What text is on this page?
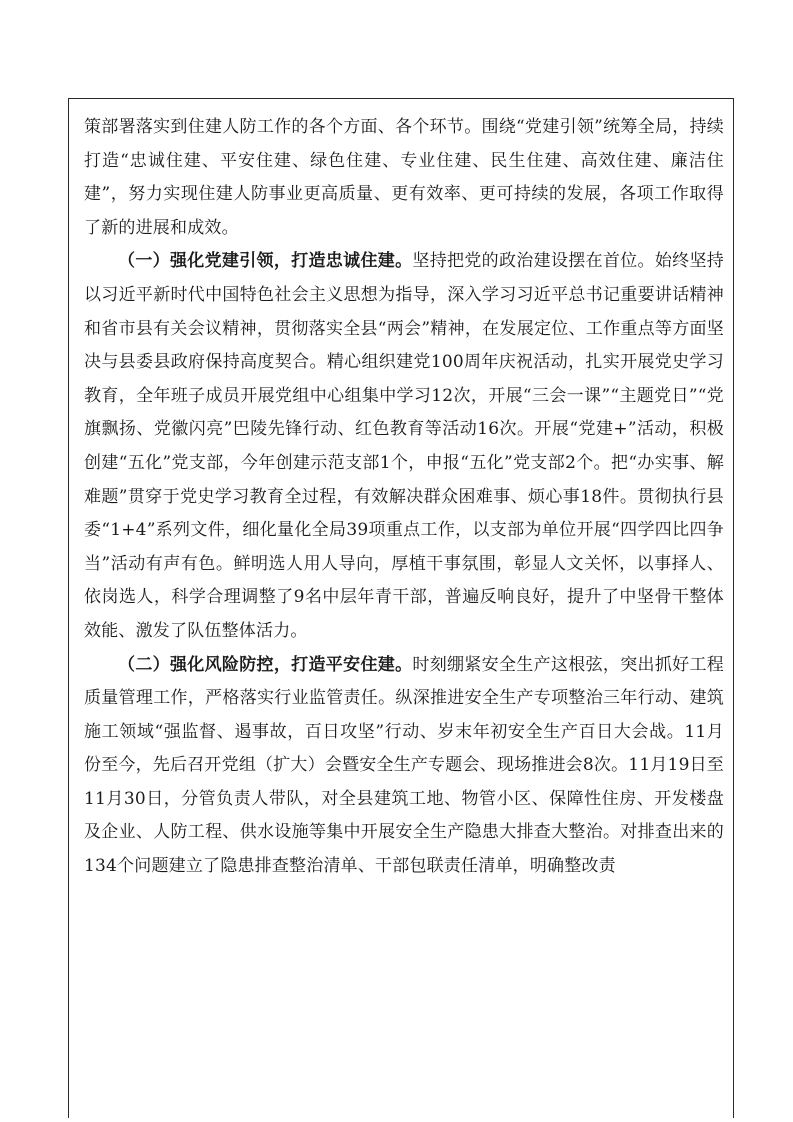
策部署落实到住建人防工作的各个方面、各个环节。围绕“党建引领”统筹全局，持续打造“忠诚住建、平安住建、绿色住建、专业住建、民生住建、高效住建、廉洁住建”，努力实现住建人防事业更高质量、更有效率、更可持续的发展，各项工作取得了新的进展和成效。

（一）强化党建引领，打造忠诚住建。坚持把党的政治建设摆在首位。始终坚持以习近平新时代中国特色社会主义思想为指导，深入学习习近平总书记重要讲话精神和省市县有关会议精神，贯彻落实全县“两会”精神，在发展定位、工作重点等方面坚决与县委县政府保持高度契合。精心组织建党100周年庆祝活动，扎实开展党史学习教育，全年班子成员开展党组中心组集中学习12次，开展“三会一课”“主题党日”“党旗飘扬、党徽闪亮”巴陵先锋行动、红色教育等活动16次。开展“党建+”活动，积极创建“五化”党支部，今年创建示范支部1个，申报“五化”党支部2个。把“办实事、解难题”贯穿于党史学习教育全过程，有效解决群众困难事、烦心事18件。贯彻执行县委“1+4”系列文件，细化量化全局39项重点工作，以支部为单位开展“四学四比四争当”活动有声有色。鲜明选人用人导向，厚植干事氛围，彰显人文关怀，以事择人、依岗选人，科学合理调整了9名中层年青干部，普遍反响良好，提升了中坚骨干整体效能、激发了队伍整体活力。

（二）强化风险防控，打造平安住建。时刻绷紧安全生产这根弦，突出抓好工程质量管理工作，严格落实行业监管责任。纵深推进安全生产专项整治三年行动、建筑施工领域“强监督、遏事故，百日攻坚”行动、岁末年初安全生产百日大会战。11月份至今，先后召开党组（扩大）会暨安全生产专题会、现场推进会8次。11月19日至11月30日，分管负责人带队，对全县建筑工地、物管小区、保障性住房、开发楼盘及企业、人防工程、供水设施等集中开展安全生产隐患大排查大整治。对排查出来的134个问题建立了隐患排查整治清单、干部包联责任清单，明确整改责
